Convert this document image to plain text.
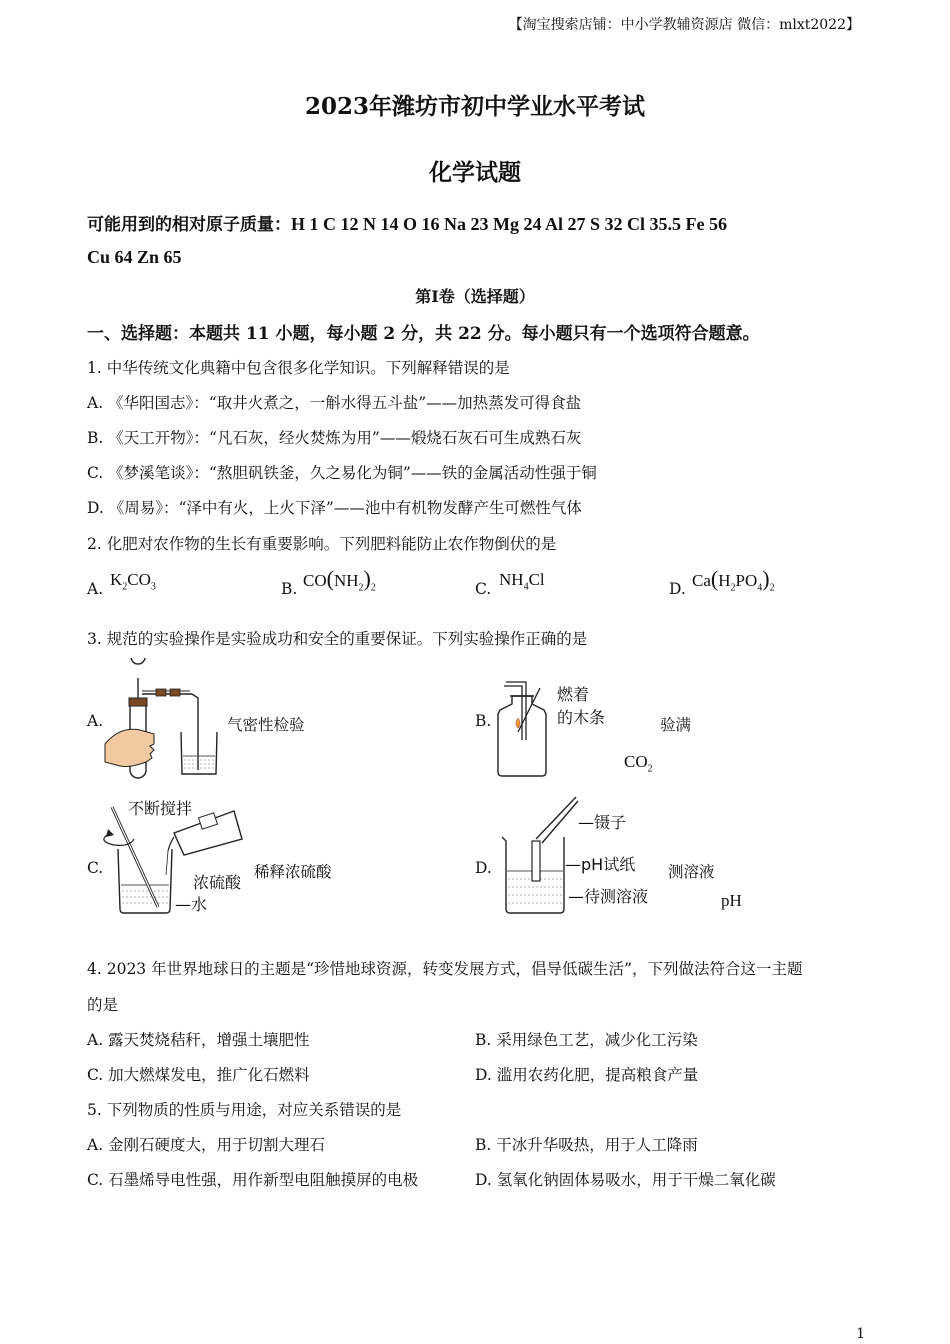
【淘宝搜索店铺：中小学教辅资源店 微信：mlxt2022】
2023年潍坊市初中学业水平考试
化学试题
可能用到的相对原子质量：H 1 C 12 N 14 O 16 Na 23 Mg 24 Al 27 S 32 Cl 35.5 Fe 56
Cu 64 Zn 65
第Ⅰ卷（选择题）
一、选择题：本题共 11 小题，每小题 2 分，共 22 分。每小题只有一个选项符合题意。
1. 中华传统文化典籍中包含很多化学知识。下列解释错误的是
A. 《华阳国志》：“取井火煮之，一斛水得五斗盐”——加热蒸发可得食盐
B. 《天工开物》：“凡石灰，经火焚炼为用”——煅烧石灰石可生成熟石灰
C. 《梦溪笔谈》：“熬胆矾铁釜，久之易化为铜”——铁的金属活动性强于铜
D. 《周易》：“泽中有火，上火下泽”——池中有机物发酵产生可燃性气体
2. 化肥对农作物的生长有重要影响。下列肥料能防止农作物倒伏的是
A. $K_2CO_3$	B. $CO(NH_2)_2$	C. $NH_4Cl$	D. $Ca(H_2PO_4)_2$
3. 规范的实验操作是实验成功和安全的重要保证。下列实验操作正确的是
A.	气密性检验	B.
燃着
的木条	验满
$CO_2$
C.
不断搅拌
浓硫酸
—水
稀释浓硫酸	D.
—镊子
—pH试纸
—待测溶液
测溶液
pH
4. 2023 年世界地球日的主题是“珍惜地球资源，转变发展方式，倡导低碳生活”，下列做法符合这一主题
的是
A. 露天焚烧秸秆，增强土壤肥性	B. 采用绿色工艺，减少化工污染
C. 加大燃煤发电，推广化石燃料	D. 滥用农药化肥，提高粮食产量
5. 下列物质的性质与用途，对应关系错误的是
A. 金刚石硬度大，用于切割大理石	B. 干冰升华吸热，用于人工降雨
C. 石墨烯导电性强，用作新型电阻触摸屏的电极	D. 氢氧化钠固体易吸水，用于干燥二氧化碳
1
